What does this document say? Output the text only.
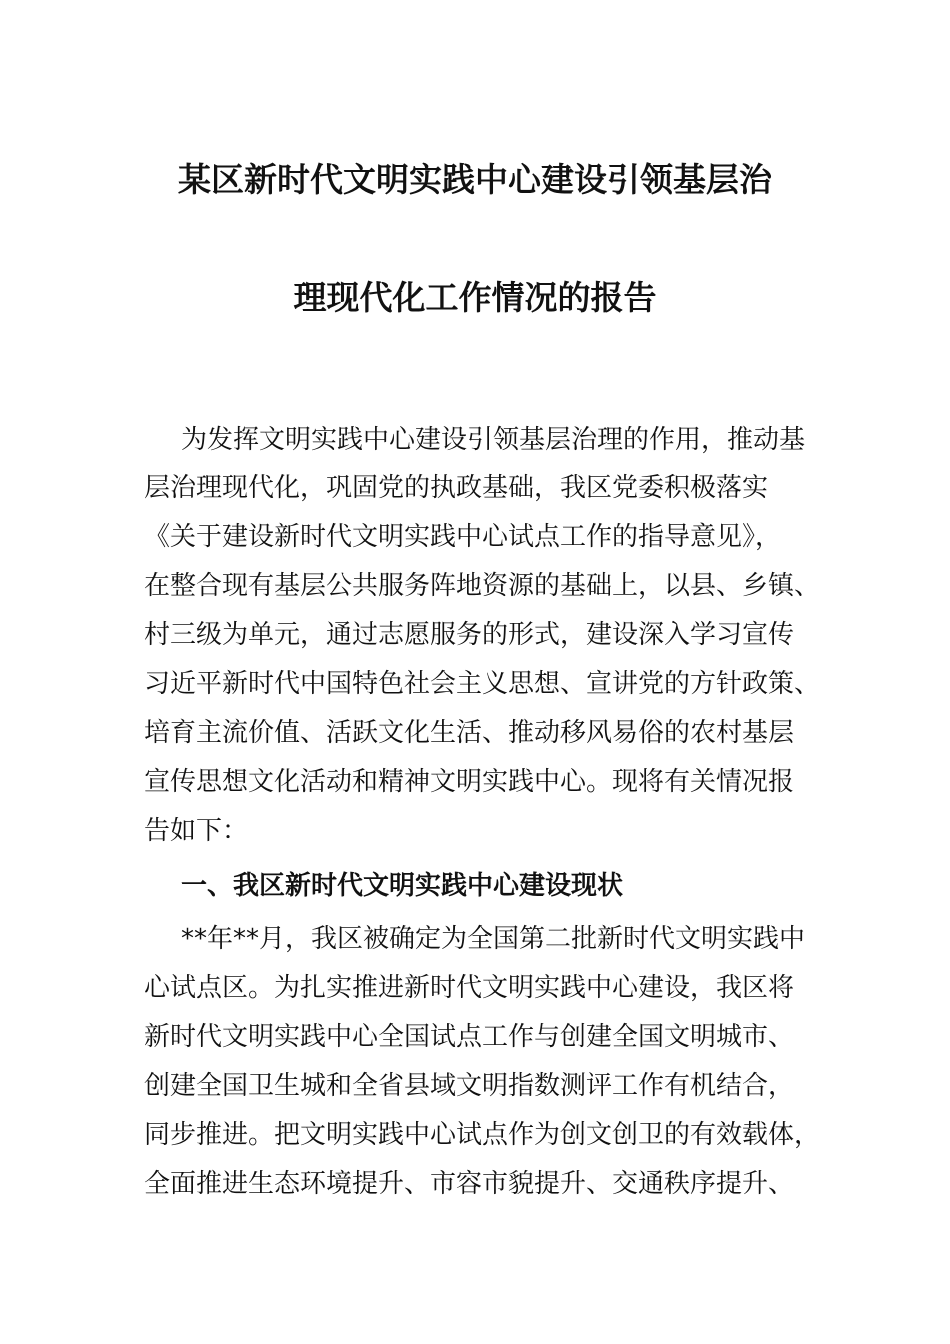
某区新时代文明实践中心建设引领基层治
理现代化工作情况的报告
为发挥文明实践中心建设引领基层治理的作用，推动基
层治理现代化，巩固党的执政基础，我区党委积极落实
《关于建设新时代文明实践中心试点工作的指导意见》，
在整合现有基层公共服务阵地资源的基础上，以县、乡镇、
村三级为单元，通过志愿服务的形式，建设深入学习宣传
习近平新时代中国特色社会主义思想、宣讲党的方针政策、
培育主流价值、活跃文化生活、推动移风易俗的农村基层
宣传思想文化活动和精神文明实践中心。现将有关情况报
告如下：
一、我区新时代文明实践中心建设现状
**年**月，我区被确定为全国第二批新时代文明实践中
心试点区。为扎实推进新时代文明实践中心建设，我区将
新时代文明实践中心全国试点工作与创建全国文明城市、
创建全国卫生城和全省县域文明指数测评工作有机结合，
同步推进。把文明实践中心试点作为创文创卫的有效载体，
全面推进生态环境提升、市容市貌提升、交通秩序提升、
